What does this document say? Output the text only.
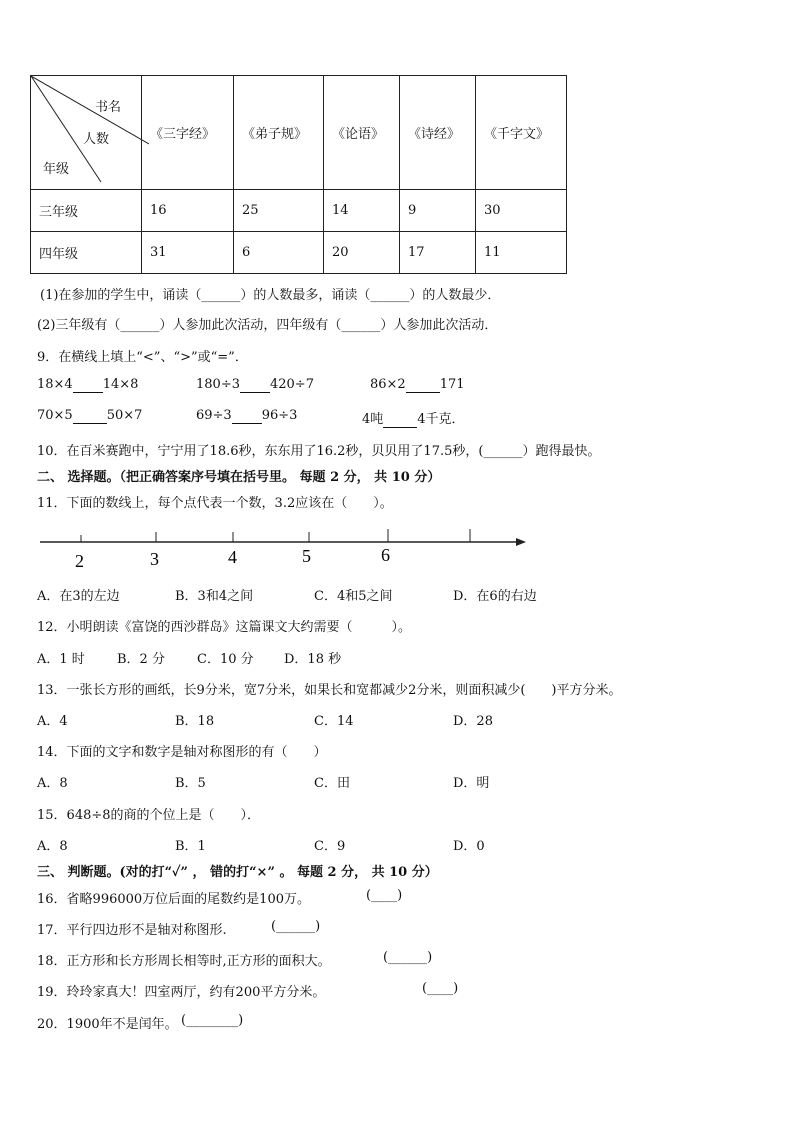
书名
人数
年级	《三字经》	《弟子规》	《论语》	《诗经》	《千字文》
三年级	16	25	14	9	30
四年级	31	6	20	17	11
(1)在参加的学生中，诵读（______）的人数最多，诵读（______）的人数最少．
(2)三年级有（______）人参加此次活动，四年级有（______）人参加此次活动．
9．在横线上填上“<”、“>”或“=”．
18×4 14×8	180÷3 420÷7	86×2	171
70×5	50×7	69÷3 96÷3	4吨	4千克．
10．在百米赛跑中，宁宁用了18.6秒，东东用了16.2秒，贝贝用了17.5秒，(______）跑得最快。
二、 选择题。（把正确答案序号填在括号里。 每题 2 分， 共 10 分）
11．下面的数线上，每个点代表一个数，3.2应该在（　　）。
2	3	4	5	6
A．在3的左边	B．3和4之间	C．4和5之间	D．在6的右边
12．小明朗读《富饶的西沙群岛》这篇课文大约需要（　　　）。
A．1 时 B．2 分 C．10 分 D．18 秒
13．一张长方形的画纸，长9分米，宽7分米，如果长和宽都减少2分米，则面积减少(　　)平方分米。
A．4	B．18	C．14	D．28
14．下面的文字和数字是轴对称图形的有（　　）
A．8	B．5	C．田	D．明
15．648÷8的商的个位上是（　　）．
A．8	B．1	C．9	D．0
三、 判断题。(对的打“✓” ， 错的打“×” 。 每题 2 分， 共 10 分）
16．省略996000万位后面的尾数约是100万。	(____)
17．平行四边形不是轴对称图形.	(______)
18．正方形和长方形周长相等时,正方形的面积大。	(______)
19．玲玲家真大！四室两厅，约有200平方分米。	(____)
20．1900年不是闰年。 (________)
